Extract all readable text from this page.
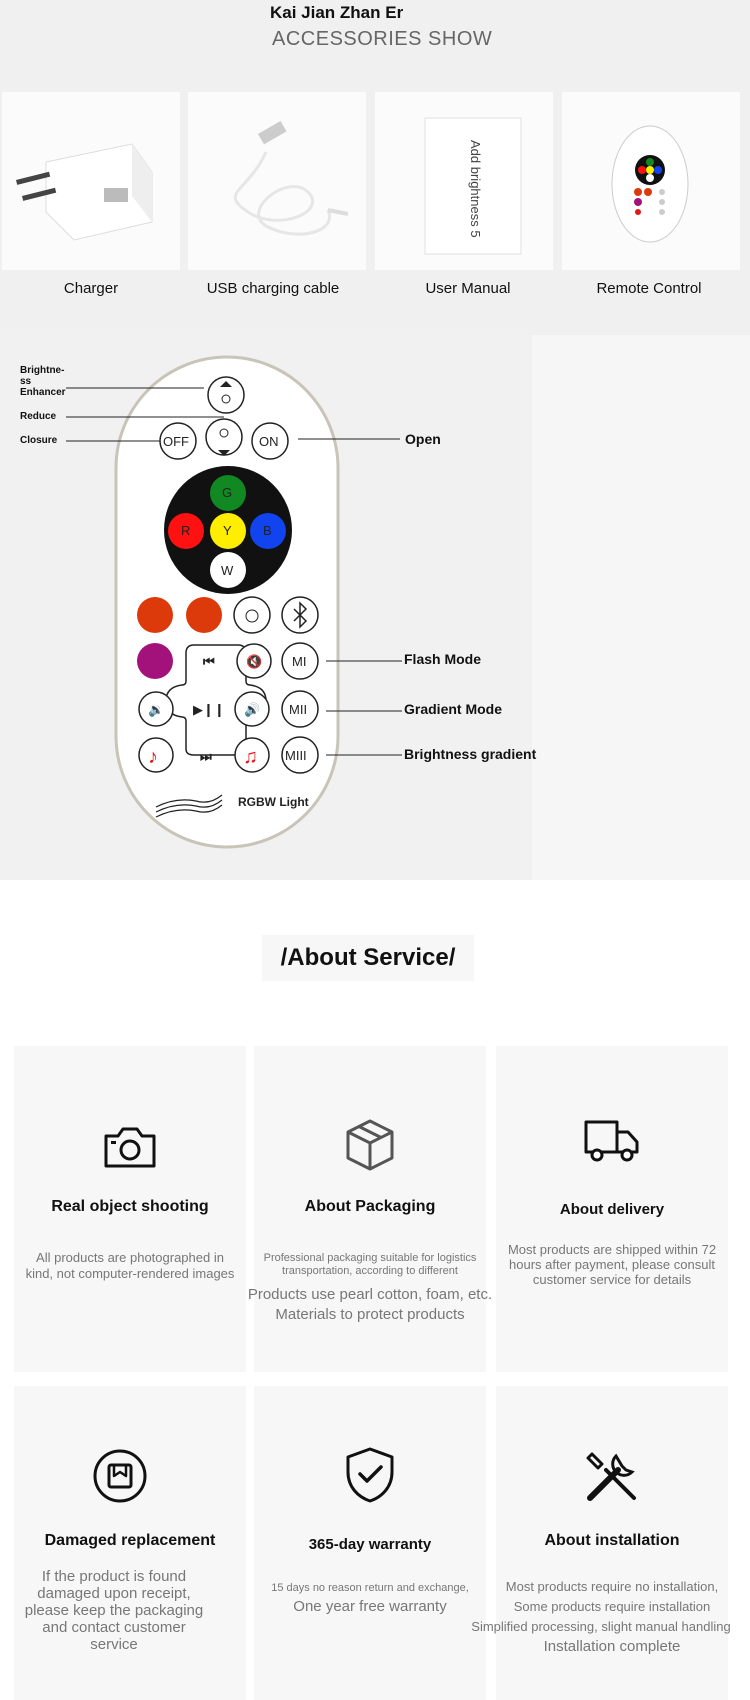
Kai Jian Zhan Er
ACCESSORIES SHOW
Charger	USB charging cable
Add brightness 5
User Manual	Remote Control
⏮ 🔇
🔉 ▶❙❙ 🔊
♪	⏭ ♫
OFF	ON
G
R	Y B
W
MI
MII
MIII
RGBW Light
Brightne-
ss
Enhancer
Reduce
Closure	Open
Flash Mode
Gradient Mode
Brightness gradient
/About Service/
Real object shooting
All products are photographed in
kind, not computer-rendered images
About Packaging
Professional packaging suitable for logistics
transportation, according to different
Products use pearl cotton, foam, etc.
Materials to protect products
About delivery
Most products are shipped within 72
hours after payment, please consult
customer service for details
Damaged replacement
If the product is found
damaged upon receipt,
please keep the packaging
and contact customer
service
365-day warranty
15 days no reason return and exchange,
One year free warranty
About installation
Most products require no installation,
Some products require installation
Simplified processing, slight manual handling
Installation complete
